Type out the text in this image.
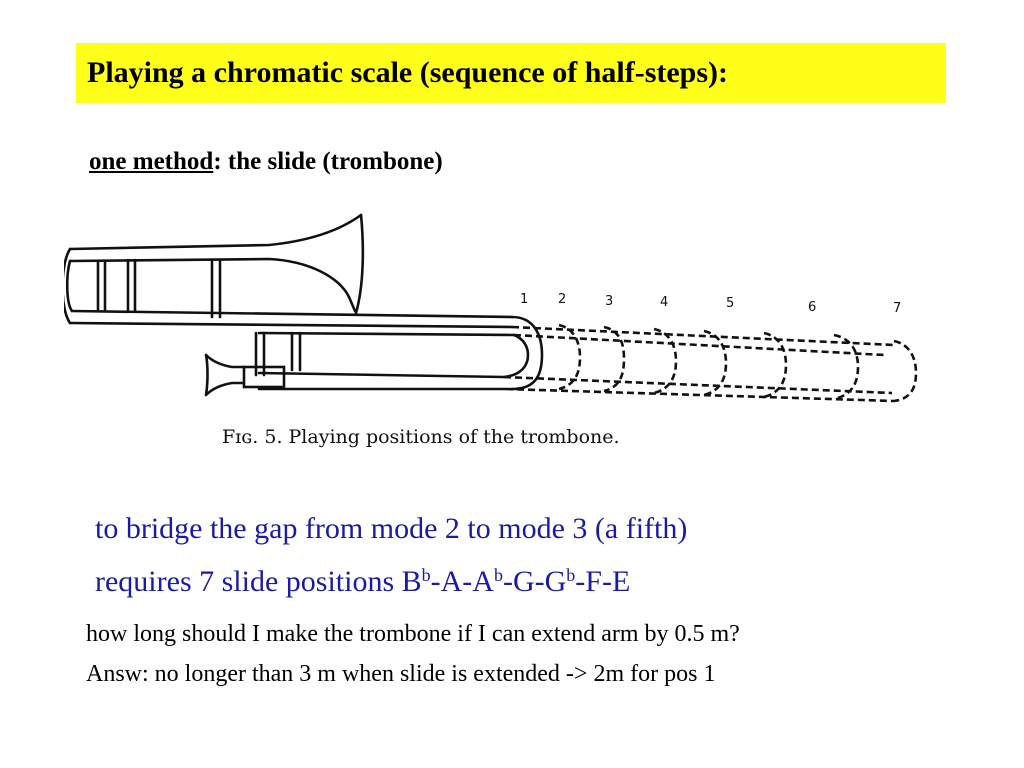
Playing a chromatic scale (sequence of half-steps):
one method: the slide (trombone)
1 2	3	4	5	6	7
Fɪɢ. 5. Playing positions of the trombone.
to bridge the gap from mode 2 to mode 3 (a fifth)
requires 7 slide positions $B^b-A-A^b-G-G^b-F-E$
how long should I make the trombone if I can extend arm by 0.5 m?
Answ: no longer than 3 m when slide is extended -> 2m for pos 1
